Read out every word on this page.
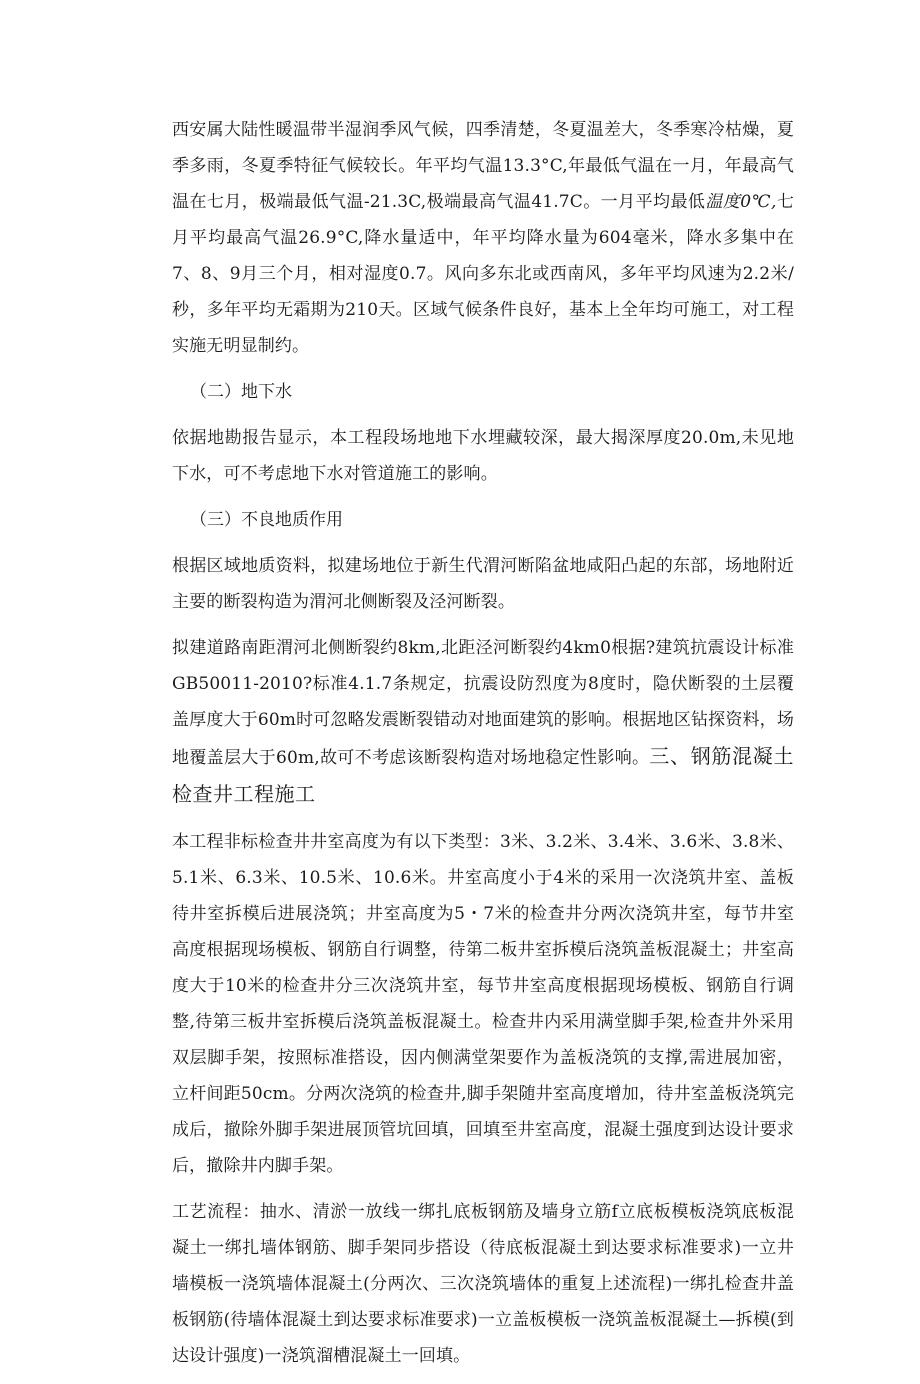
西安属大陆性暖温带半湿润季风气候，四季清楚，冬夏温差大，冬季寒冷枯燥，夏季多雨，冬夏季特征气候较长。年平均气温13.3°C,年最低气温在一月，年最高气温在七月，极端最低气温-21.3C,极端最高气温41.7C。一月平均最低温度0℃,七月平均最高气温26.9°C,降水量适中，年平均降水量为604毫米，降水多集中在7、8、9月三个月，相对湿度0.7。风向多东北或西南风，多年平均风速为2.2米/秒，多年平均无霜期为210天。区域气候条件良好，基本上全年均可施工，对工程实施无明显制约。

（二）地下水

依据地勘报告显示，本工程段场地地下水埋藏较深，最大揭深厚度20.0m,未见地下水，可不考虑地下水对管道施工的影响。

（三）不良地质作用

根据区域地质资料，拟建场地位于新生代渭河断陷盆地咸阳凸起的东部，场地附近主要的断裂构造为渭河北侧断裂及泾河断裂。

拟建道路南距渭河北侧断裂约8km,北距泾河断裂约4km0根据?建筑抗震设计标准GB50011-2010?标准4.1.7条规定，抗震设防烈度为8度时，隐伏断裂的土层覆盖厚度大于60m时可忽略发震断裂错动对地面建筑的影响。根据地区钻探资料，场地覆盖层大于60m,故可不考虑该断裂构造对场地稳定性影响。三、钢筋混凝土检查井工程施工

本工程非标检查井井室高度为有以下类型：3米、3.2米、3.4米、3.6米、3.8米、5.1米、6.3米、10.5米、10.6米。井室高度小于4米的采用一次浇筑井室、盖板待井室拆模后进展浇筑；井室高度为5・7米的检查井分两次浇筑井室，每节井室高度根据现场模板、钢筋自行调整，待第二板井室拆模后浇筑盖板混凝土；井室高度大于10米的检查井分三次浇筑井室，每节井室高度根据现场模板、钢筋自行调整,待第三板井室拆模后浇筑盖板混凝土。检查井内采用满堂脚手架,检查井外采用双层脚手架，按照标准搭设，因内侧满堂架要作为盖板浇筑的支撑,需进展加密，立杆间距50cm。分两次浇筑的检查井,脚手架随井室高度增加，待井室盖板浇筑完成后，撤除外脚手架进展顶管坑回填，回填至井室高度，混凝土强度到达设计要求后，撤除井内脚手架。

工艺流程：抽水、清淤一放线一绑扎底板钢筋及墙身立筋f立底板模板浇筑底板混凝土一绑扎墙体钢筋、脚手架同步搭设（待底板混凝土到达要求标准要求)一立井墙模板一浇筑墙体混凝土(分两次、三次浇筑墙体的重复上述流程)一绑扎检查井盖板钢筋(待墙体混凝土到达要求标准要求)一立盖板模板一浇筑盖板混凝土—拆模(到达设计强度)一浇筑溜槽混凝土一回填。
